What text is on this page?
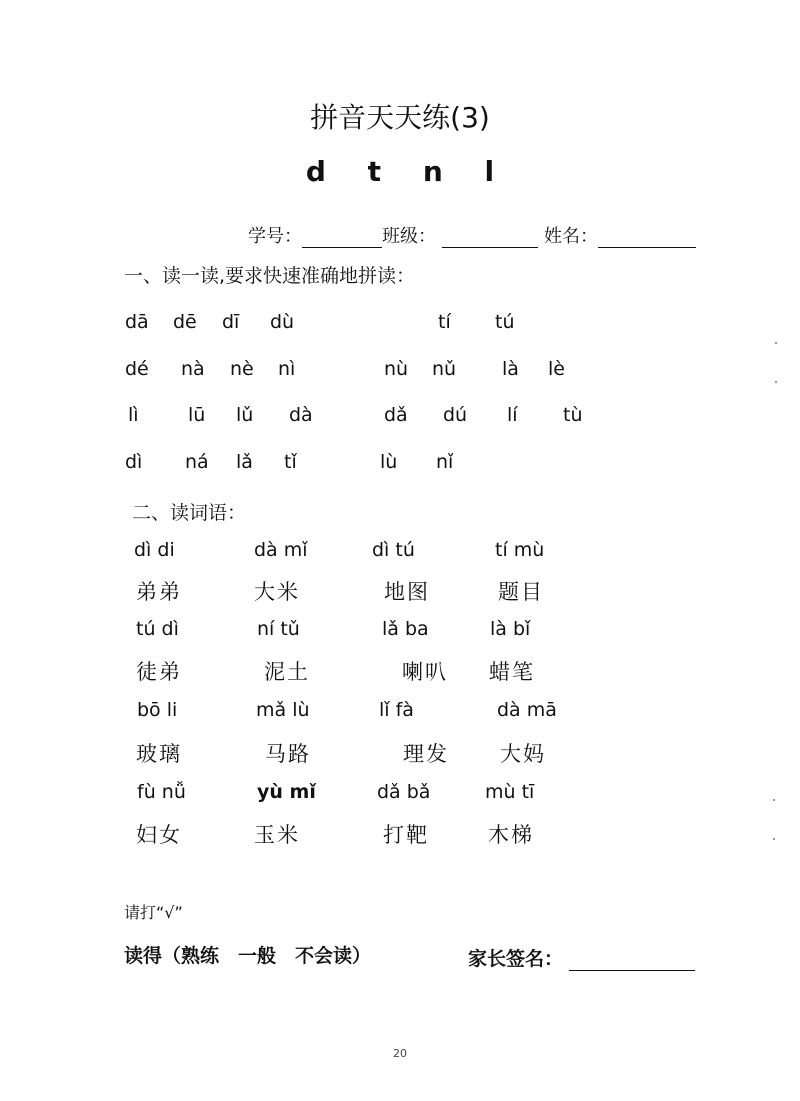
拼音天天练(3)
d t n l
学号：	班级：	姓名：
一、读一读,要求快速准确地拼读：
dā dē dī dù	tí tú
dé nà nè nì	nù nǔ là lè
lì	lū lǔ dà	dǎ dú lí tù
dì ná lǎ tǐ	lù nǐ
二、读词语：
dì di	dà mǐ	dì tú	tí mù
弟弟	大米	地图	题目
tú dì	ní tǔ	lǎ ba	là bǐ
徒弟	泥土	喇叭 蜡笔
bō li	mǎ lù	lǐ fà	dà mā
玻璃	马路	理发 大妈
fù nǚ	yù mǐ	dǎ bǎ	mù tī
妇女	玉米	打靶	木梯
请打“√”
读得（熟练　一般　不会读）	家长签名：
20
